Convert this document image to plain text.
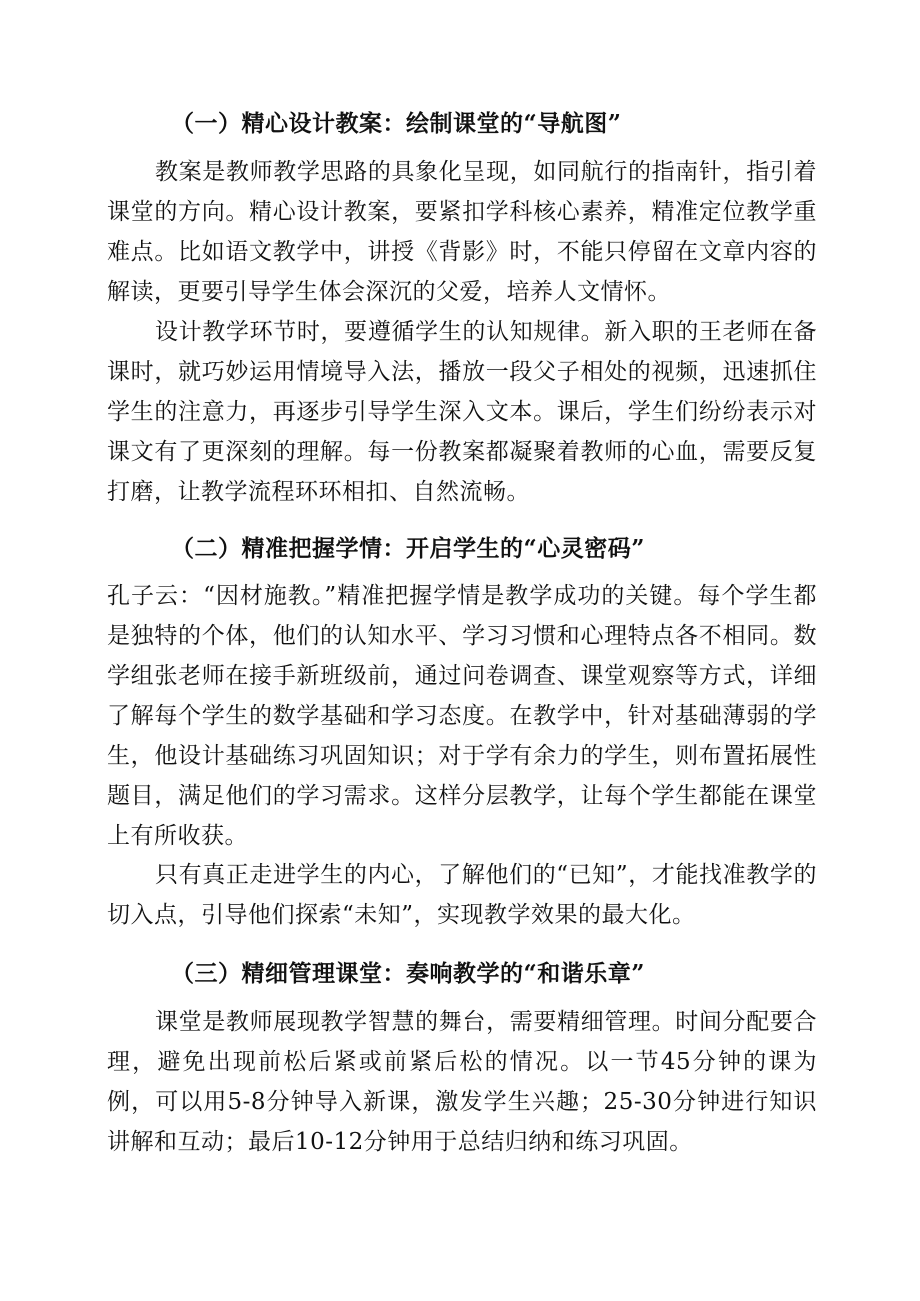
（一）精心设计教案：绘制课堂的“导航图”

教案是教师教学思路的具象化呈现，如同航行的指南针，指引着课堂的方向。精心设计教案，要紧扣学科核心素养，精准定位教学重难点。比如语文教学中，讲授《背影》时，不能只停留在文章内容的解读，更要引导学生体会深沉的父爱，培养人文情怀。

设计教学环节时，要遵循学生的认知规律。新入职的王老师在备课时，就巧妙运用情境导入法，播放一段父子相处的视频，迅速抓住学生的注意力，再逐步引导学生深入文本。课后，学生们纷纷表示对课文有了更深刻的理解。每一份教案都凝聚着教师的心血，需要反复打磨，让教学流程环环相扣、自然流畅。

（二）精准把握学情：开启学生的“心灵密码”

孔子云：“因材施教。”精准把握学情是教学成功的关键。每个学生都是独特的个体，他们的认知水平、学习习惯和心理特点各不相同。数学组张老师在接手新班级前，通过问卷调查、课堂观察等方式，详细了解每个学生的数学基础和学习态度。在教学中，针对基础薄弱的学生，他设计基础练习巩固知识；对于学有余力的学生，则布置拓展性题目，满足他们的学习需求。这样分层教学，让每个学生都能在课堂上有所收获。

只有真正走进学生的内心，了解他们的“已知”，才能找准教学的切入点，引导他们探索“未知”，实现教学效果的最大化。

（三）精细管理课堂：奏响教学的“和谐乐章”

课堂是教师展现教学智慧的舞台，需要精细管理。时间分配要合理，避免出现前松后紧或前紧后松的情况。以一节45分钟的课为例，可以用5-8分钟导入新课，激发学生兴趣；25-30分钟进行知识讲解和互动；最后10-12分钟用于总结归纳和练习巩固。
